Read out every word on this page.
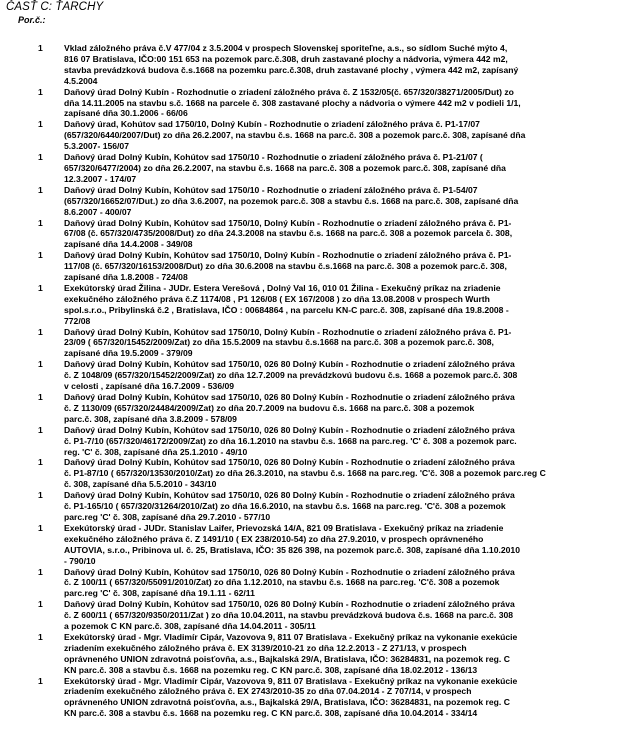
ČASŤ C: ŤARCHY
Por.č.:
1	Vklad záložného práva č.V 477/04 z 3.5.2004 v prospech Slovenskej sporiteľne, a.s., so sídlom Suché mýto 4,
816 07 Bratislava, IČO:00 151 653 na pozemok parc.č.308, druh zastavané plochy a nádvoria, výmera 442 m2,
stavba prevádzková budova č.s.1668 na pozemku parc.č.308, druh zastavané plochy , výmera 442 m2, zapísaný
4.5.2004
1	Daňový úrad Dolný Kubín - Rozhodnutie o zriadení záložného práva č. Z 1532/05(č. 657/320/38271/2005/Dut) zo
dňa 14.11.2005 na stavbu s.č. 1668 na parcele č. 308 zastavané plochy a nádvoria o výmere 442 m2 v podieli 1/1,
zapísané dňa 30.1.2006 - 66/06
1	Daňový úrad, Kohútov sad 1750/10, Dolný Kubín - Rozhodnutie o zriadení záložného práva č. P1-17/07
(657/320/6440/2007/Dut) zo dňa 26.2.2007, na stavbu č.s. 1668 na parc.č. 308 a pozemok parc.č. 308, zapísané dňa
5.3.2007- 156/07
1	Daňový úrad Dolný Kubín, Kohútov sad 1750/10 - Rozhodnutie o zriadení záložného práva č. P1-21/07 (
657/320/6477/2004) zo dňa 26.2.2007, na stavbu č.s. 1668 na parc.č. 308 a pozemok parc.č. 308, zapísané dňa
12.3.2007 - 174/07
1	Daňový úrad Dolný Kubín, Kohútov sad 1750/10 - Rozhodnutie o zriadení záložného práva č. P1-54/07
(657/320/16652/07/Dut.) zo dňa 3.6.2007, na pozemok parc.č. 308 a stavbu č.s. 1668 na parc.č. 308, zapísané dňa
8.6.2007 - 400/07
1	Daňový úrad Dolný Kubín, Kohútov sad 1750/10, Dolný Kubín - Rozhodnutie o zriadení záložného práva č. P1-
67/08 (č. 657/320/4735/2008/Dut) zo dňa 24.3.2008 na stavbu č.s. 1668 na parc.č. 308 a pozemok parcela č. 308,
zapísané dňa 14.4.2008 - 349/08
1	Daňový úrad Dolný Kubín, Kohútov sad 1750/10, Dolný Kubín - Rozhodnutie o zriadení záložného práva č. P1-
117/08 (č. 657/320/16153/2008/Dut) zo dňa 30.6.2008 na stavbu č.s.1668 na parc.č. 308 a pozemok parc.č. 308,
zapísané dňa 1.8.2008 - 724/08
1	Exekútorský úrad Žilina - JUDr. Estera Verešová , Dolný Val 16, 010 01 Žilina - Exekučný príkaz na zriadenie
exekučného záložného práva č.Z 1174/08 , P1 126/08 ( EX 167/2008 ) zo dňa 13.08.2008 v prospech Wurth
spol.s.r.o., Pribylinská č.2 , Bratislava, IČO : 00684864 , na parcelu KN-C parc.č. 308, zapísané dňa 19.8.2008 -
772/08
1	Daňový úrad Dolný Kubín, Kohútov sad 1750/10, Dolný Kubín - Rozhodnutie o zriadení záložného práva č. P1-
23/09 ( 657/320/15452/2009/Zat) zo dňa 15.5.2009 na stavbu č.s.1668 na parc.č. 308 a pozemok parc.č. 308,
zapísané dňa 19.5.2009 - 379/09
1	Daňový úrad Dolný Kubín, Kohútov sad 1750/10, 026 80 Dolný Kubín - Rozhodnutie o zriadení záložného práva
č. Z 1048/09 (657/320/15452/2009/Zat) zo dňa 12.7.2009 na prevádzkovú budovu č.s. 1668 a pozemok parc.č. 308
v celosti , zapísané dňa 16.7.2009 - 536/09
1	Daňový úrad Dolný Kubín, Kohútov sad 1750/10, 026 80 Dolný Kubín - Rozhodnutie o zriadení záložného práva
č. Z 1130/09 (657/320/24484/2009/Zat) zo dňa 20.7.2009 na budovu č.s. 1668 na parc.č. 308 a pozemok
parc.č. 308, zapísané dňa 3.8.2009 - 578/09
1	Daňový úrad Dolný Kubín, Kohútov sad 1750/10, 026 80 Dolný Kubín - Rozhodnutie o zriadení záložného práva
č. P1-7/10 (657/320/46172/2009/Zat) zo dňa 16.1.2010 na stavbu č.s. 1668 na parc.reg. 'C' č. 308 a pozemok parc.
reg. 'C' č. 308, zapísané dňa 25.1.2010 - 49/10
1	Daňový úrad Dolný Kubín, Kohútov sad 1750/10, 026 80 Dolný Kubín - Rozhodnutie o zriadení záložného práva
č. P1-87/10 ( 657/320/13530/2010/Zat) zo dňa 26.3.2010, na stavbu č.s. 1668 na parc.reg. 'C'č. 308 a pozemok parc.reg C
č. 308, zapísané dňa 5.5.2010 - 343/10
1	Daňový úrad Dolný Kubín, Kohútov sad 1750/10, 026 80 Dolný Kubín - Rozhodnutie o zriadení záložného práva
č. P1-165/10 ( 657/320/31264/2010/Zat) zo dňa 16.6.2010, na stavbu č.s. 1668 na parc.reg. 'C'č. 308 a pozemok
parc.reg 'C' č. 308, zapísané dňa 29.7.2010 - 577/10
1	Exekútorský úrad - JUDr. Stanislav Laifer, Prievozská 14/A, 821 09 Bratislava - Exekučný príkaz na zriadenie
exekučného záložného práva č. Z 1491/10 ( EX 238/2010-54) zo dňa 27.9.2010, v prospech oprávneného
AUTOVIA, s.r.o., Pribinova ul. č. 25, Bratislava, IČO: 35 826 398, na pozemok parc.č. 308, zapísané dňa 1.10.2010
- 790/10
1	Daňový úrad Dolný Kubín, Kohútov sad 1750/10, 026 80 Dolný Kubín - Rozhodnutie o zriadení záložného práva
č. Z 100/11 ( 657/320/55091/2010/Zat) zo dňa 1.12.2010, na stavbu č.s. 1668 na parc.reg. 'C'č. 308 a pozemok
parc.reg 'C' č. 308, zapísané dňa 19.1.11 - 62/11
1	Daňový úrad Dolný Kubín, Kohútov sad 1750/10, 026 80 Dolný Kubín - Rozhodnutie o zriadení záložného práva
č. Z 600/11 ( 657/320/9350/2011/Zat ) zo dňa 10.04.2011, na stavbu prevádzková budova č.s. 1668 na parc.č. 308
a pozemok C KN parc.č. 308, zapísané dňa 14.04.2011 - 305/11
1	Exekútorský úrad - Mgr. Vladimír Cipár, Vazovova 9, 811 07 Bratislava - Exekučný príkaz na vykonanie exekúcie
zriadením exekučného záložného práva č. EX 3139/2010-21 zo dňa 12.2.2013 - Z 271/13, v prospech
oprávneného UNION zdravotná poisťovňa, a.s., Bajkalská 29/A, Bratislava, IČO: 36284831, na pozemok reg. C
KN parc.č. 308 a stavbu č.s. 1668 na pozemku reg. C KN parc.č. 308, zapísané dňa 18.02.2012 - 136/13
1	Exekútorský úrad - Mgr. Vladimír Cipár, Vazovova 9, 811 07 Bratislava - Exekučný príkaz na vykonanie exekúcie
zriadením exekučného záložného práva č. EX 2743/2010-35 zo dňa 07.04.2014 - Z 707/14, v prospech
oprávneného UNION zdravotná poisťovňa, a.s., Bajkalská 29/A, Bratislava, IČO: 36284831, na pozemok reg. C
KN parc.č. 308 a stavbu č.s. 1668 na pozemku reg. C KN parc.č. 308, zapísané dňa 10.04.2014 - 334/14
